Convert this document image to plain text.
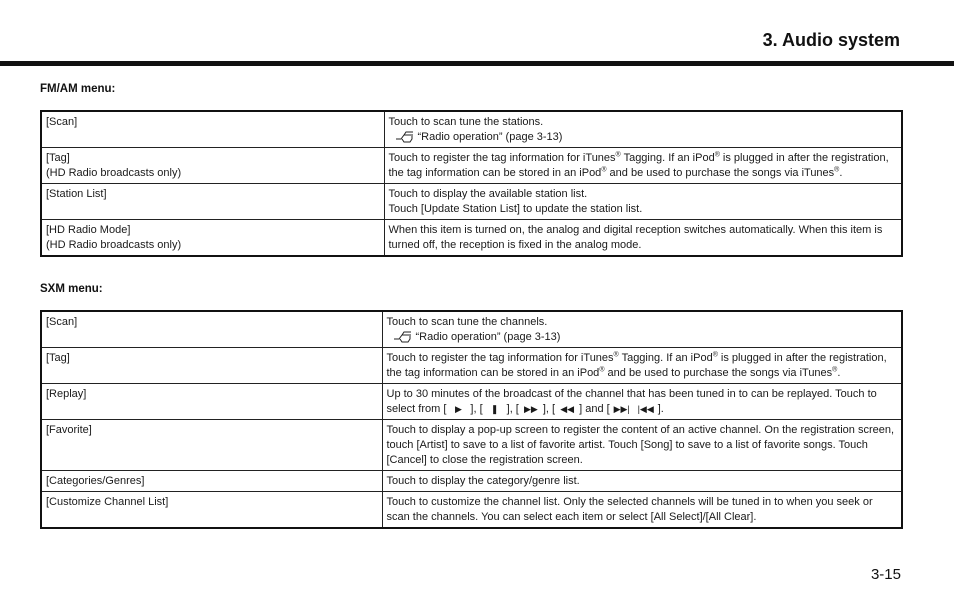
3. Audio system
FM/AM menu:
[Scan]	Touch to scan tune the stations.
“Radio operation” (page 3-13)

[Tag]
(HD Radio broadcasts only)	Touch to register the tag information for iTunes® Tagging. If an iPod® is plugged in after the registration, the tag information can be stored in an iPod® and be used to purchase the songs via iTunes®.
[Station List]	Touch to display the available station list.
Touch [Update Station List] to update the station list.

[HD Radio Mode]
(HD Radio broadcasts only)	When this item is turned on, the analog and digital reception switches automatically. When this item is turned off, the reception is fixed in the analog mode.
SXM menu:
[Scan]	Touch to scan tune the channels.
“Radio operation” (page 3-13)

[Tag]	Touch to register the tag information for iTunes® Tagging. If an iPod® is plugged in after the registration, the tag information can be stored in an iPod® and be used to purchase the songs via iTunes®.
[Replay]	Up to 30 minutes of the broadcast of the channel that has been tuned in to can be replayed. Touch to select from [ ▶ ], [ ❚ ], [ ▶▶ ], [ ◀◀ ] and [ ▶▶| |◀◀ ].
[Favorite]	Touch to display a pop-up screen to register the content of an active channel. On the registration screen, touch [Artist] to save to a list of favorite artist. Touch [Song] to save to a list of favorite songs. Touch [Cancel] to close the registration screen.
[Categories/Genres]	Touch to display the category/genre list.
[Customize Channel List]	Touch to customize the channel list. Only the selected channels will be tuned in to when you seek or scan the channels. You can select each item or select [All Select]/[All Clear].
3-15
